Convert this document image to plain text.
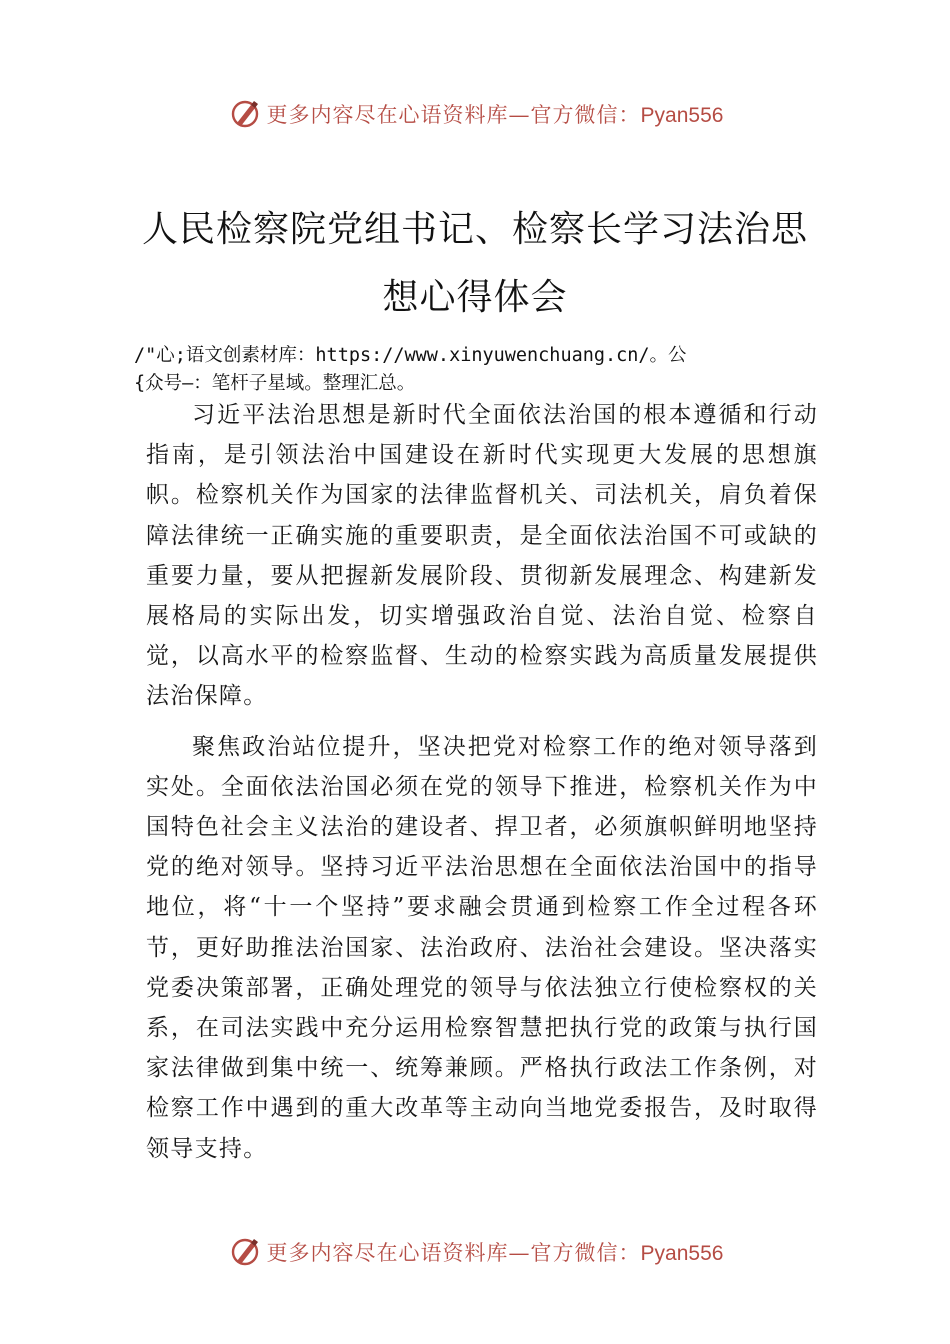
更多内容尽在心语资料库—官方微信：Pyan556
人民检察院党组书记、检察长学习法治思
想心得体会
/"心;语文创素材库：https://www.xinyuwenchuang.cn/。公
{众号—：笔杆子星域。整理汇总。

习近平法治思想是新时代全面依法治国的根本遵循和行动指南，是引领法治中国建设在新时代实现更大发展的思想旗帜。检察机关作为国家的法律监督机关、司法机关，肩负着保障法律统一正确实施的重要职责，是全面依法治国不可或缺的重要力量，要从把握新发展阶段、贯彻新发展理念、构建新发展格局的实际出发，切实增强政治自觉、法治自觉、检察自觉，以高水平的检察监督、生动的检察实践为高质量发展提供法治保障。

聚焦政治站位提升，坚决把党对检察工作的绝对领导落到实处。全面依法治国必须在党的领导下推进，检察机关作为中国特色社会主义法治的建设者、捍卫者，必须旗帜鲜明地坚持党的绝对领导。坚持习近平法治思想在全面依法治国中的指导地位，将“十一个坚持”要求融会贯通到检察工作全过程各环节，更好助推法治国家、法治政府、法治社会建设。坚决落实党委决策部署，正确处理党的领导与依法独立行使检察权的关系，在司法实践中充分运用检察智慧把执行党的政策与执行国家法律做到集中统一、统筹兼顾。严格执行政法工作条例，对检察工作中遇到的重大改革等主动向当地党委报告，及时取得领导支持。

更多内容尽在心语资料库—官方微信：Pyan556
